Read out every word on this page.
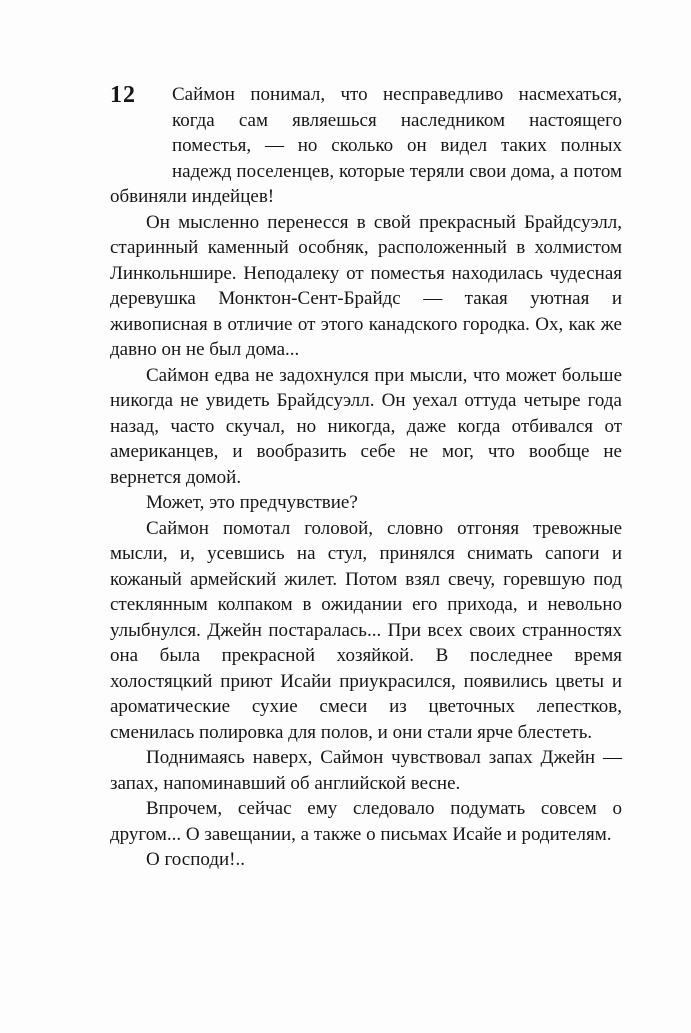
12	Саймон понимал, что несправедливо насмехаться, когда сам являешься наследником настоящего поместья, — но сколько он видел таких полных надежд поселенцев, которые теряли свои дома, а потом обвиняли индейцев!

Он мысленно перенесся в свой прекрасный Брайдсуэлл, старинный каменный особняк, расположенный в холмистом Линкольншире. Неподалеку от поместья находилась чудесная деревушка Монктон-Сент-Брайдс — такая уютная и живописная в отличие от этого канадского городка. Ох, как же давно он не был дома...

Саймон едва не задохнулся при мысли, что может больше никогда не увидеть Брайдсуэлл. Он уехал оттуда четыре года назад, часто скучал, но никогда, даже когда отбивался от американцев, и вообразить себе не мог, что вообще не вернется домой.

Может, это предчувствие?

Саймон помотал головой, словно отгоняя тревожные мысли, и, усевшись на стул, принялся снимать сапоги и кожаный армейский жилет. Потом взял свечу, горевшую под стеклянным колпаком в ожидании его прихода, и невольно улыбнулся. Джейн постаралась... При всех своих странностях она была прекрасной хозяйкой. В последнее время холостяцкий приют Исайи приукрасился, появились цветы и ароматические сухие смеси из цветочных лепестков, сменилась полировка для полов, и они стали ярче блестеть.

Поднимаясь наверх, Саймон чувствовал запах Джейн — запах, напоминавший об английской весне.

Впрочем, сейчас ему следовало подумать совсем о другом... О завещании, а также о письмах Исайе и родителям.

О господи!..
